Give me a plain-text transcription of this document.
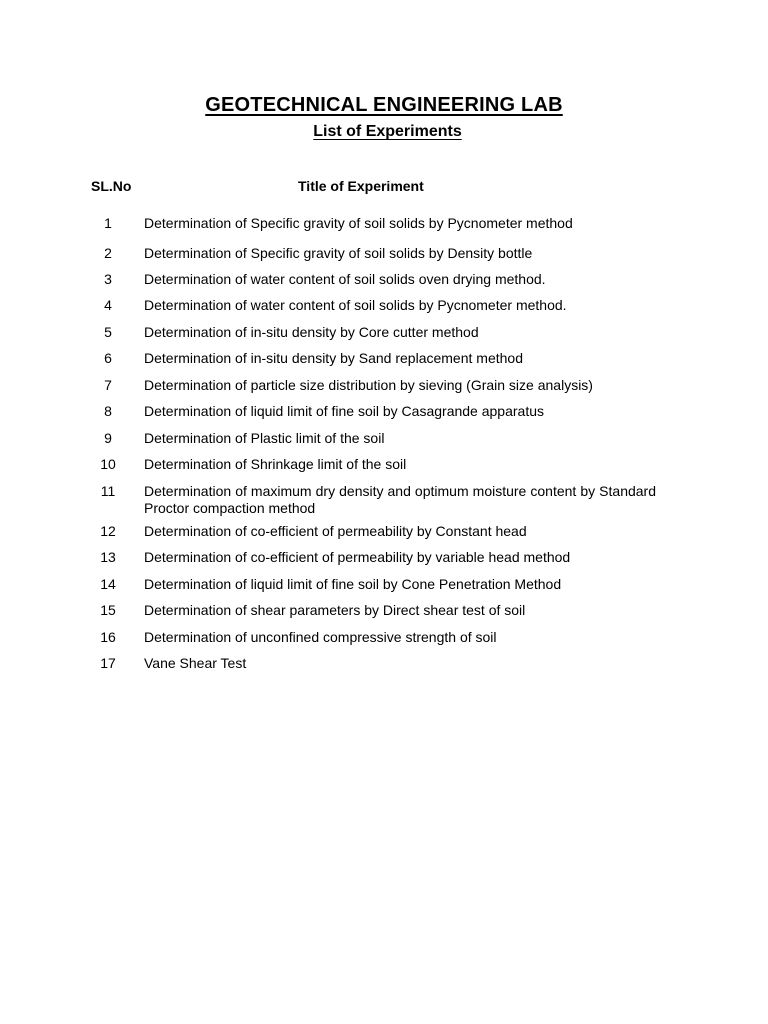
GEOTECHNICAL ENGINEERING LAB
List of Experiments
SL.No	Title of Experiment
1	Determination of Specific gravity of soil solids by Pycnometer method
2	Determination of Specific gravity of soil solids by Density bottle
3	Determination of water content of soil solids oven drying method.
4	Determination of water content of soil solids by Pycnometer method.
5	Determination of in-situ density by Core cutter method
6	Determination of in-situ density by Sand replacement method
7	Determination of particle size distribution by sieving (Grain size analysis)
8	Determination of liquid limit of fine soil by Casagrande apparatus
9	Determination of Plastic limit of the soil
10	Determination of Shrinkage limit of the soil
11	Determination of maximum dry density and optimum moisture content by Standard Proctor compaction method
12	Determination of co-efficient of permeability by Constant head
13	Determination of co-efficient of permeability by variable head method
14	Determination of liquid limit of fine soil by Cone Penetration Method
15	Determination of shear parameters by Direct shear test of soil
16	Determination of unconfined compressive strength of soil
17	Vane Shear Test
